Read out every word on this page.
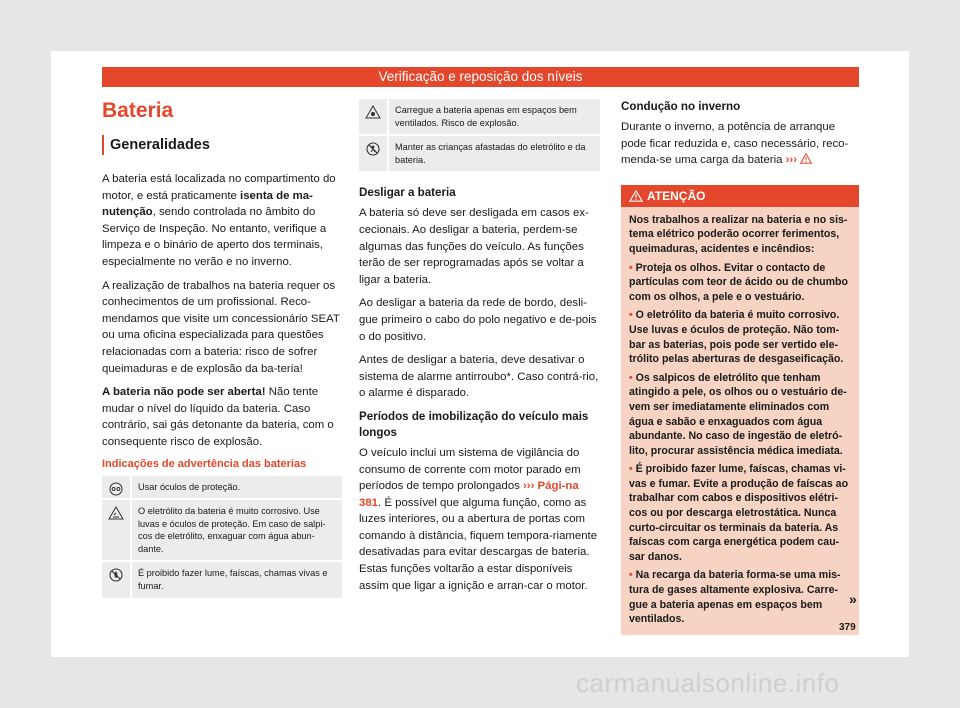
Verificação e reposição dos níveis
Bateria
Generalidades

A bateria está localizada no compartimento do motor, e está praticamente isenta de ma-nutenção, sendo controlada no âmbito do Serviço de Inspeção. No entanto, verifique a limpeza e o binário de aperto dos terminais, especialmente no verão e no inverno.

A realização de trabalhos na bateria requer os conhecimentos de um profissional. Reco-mendamos que visite um concessionário SEAT ou uma oficina especializada para questões relacionadas com a bateria: risco de sofrer queimaduras e de explosão da ba-teria!

A bateria não pode ser aberta! Não tente mudar o nível do líquido da bateria. Caso contrário, sai gás detonante da bateria, com o consequente risco de explosão.

Indicações de advertência das baterias
Usar óculos de proteção.
O eletrólito da bateria é muito corrosivo. Use luvas e óculos de proteção. Em caso de salpi-cos de eletrólito, enxaguar com água abun-dante.
É proibido fazer lume, faíscas, chamas vivas e fumar.
Carregue a bateria apenas em espaços bem ventilados. Risco de explosão.
Manter as crianças afastadas do eletrólito e da bateria.
Desligar a bateria

A bateria só deve ser desligada em casos ex-cecionais. Ao desligar a bateria, perdem-se algumas das funções do veículo. As funções terão de ser reprogramadas após se voltar a ligar a bateria.

Ao desligar a bateria da rede de bordo, desli-gue primeiro o cabo do polo negativo e de-pois o do positivo.

Antes de desligar a bateria, deve desativar o sistema de alarme antirroubo*. Caso contrá-rio, o alarme é disparado.

Períodos de imobilização do veículo mais longos

O veículo inclui um sistema de vigilância do consumo de corrente com motor parado em períodos de tempo prolongados ››› Pági-na 381. É possível que alguma função, como as luzes interiores, ou a abertura de portas com comando à distância, fiquem tempora-riamente desativadas para evitar descargas de bateria. Estas funções voltarão a estar disponíveis assim que ligar a ignição e arran-car o motor.

Condução no inverno

Durante o inverno, a potência de arranque pode ficar reduzida e, caso necessário, reco-menda-se uma carga da bateria ›››

ATENÇÃO

Nos trabalhos a realizar na bateria e no sis-tema elétrico poderão ocorrer ferimentos, queimaduras, acidentes e incêndios:

• Proteja os olhos. Evitar o contacto de partículas com teor de ácido ou de chumbo com os olhos, a pele e o vestuário.

• O eletrólito da bateria é muito corrosivo. Use luvas e óculos de proteção. Não tom-bar as baterias, pois pode ser vertido ele-trólito pelas aberturas de desgaseificação.

• Os salpicos de eletrólito que tenham atingido a pele, os olhos ou o vestuário de-vem ser imediatamente eliminados com água e sabão e enxaguados com água abundante. No caso de ingestão de eletró-lito, procurar assistência médica imediata.

• É proibido fazer lume, faíscas, chamas vi-vas e fumar. Evite a produção de faíscas ao trabalhar com cabos e dispositivos elétri-cos ou por descarga eletrostática. Nunca curto-circuitar os terminais da bateria. As faíscas com carga energética podem cau-sar danos.

• Na recarga da bateria forma-se uma mis-tura de gases altamente explosiva. Carre-gue a bateria apenas em espaços bem ventilados.

»
379
carmanualsonline.info
